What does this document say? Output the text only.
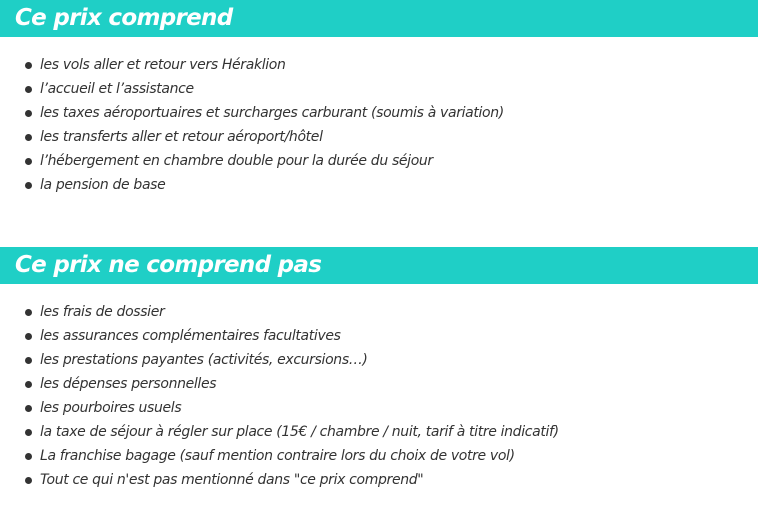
Ce prix comprend
les vols aller et retour vers Héraklion
l’accueil et l’assistance
les taxes aéroportuaires et surcharges carburant (soumis à variation)
les transferts aller et retour aéroport/hôtel
l’hébergement en chambre double pour la durée du séjour
la pension de base
Ce prix ne comprend pas
les frais de dossier
les assurances complémentaires facultatives
les prestations payantes (activités, excursions…)
les dépenses personnelles
les pourboires usuels
la taxe de séjour à régler sur place (15€ / chambre / nuit, tarif à titre indicatif)
La franchise bagage (sauf mention contraire lors du choix de votre vol)
Tout ce qui n'est pas mentionné dans "ce prix comprend"
